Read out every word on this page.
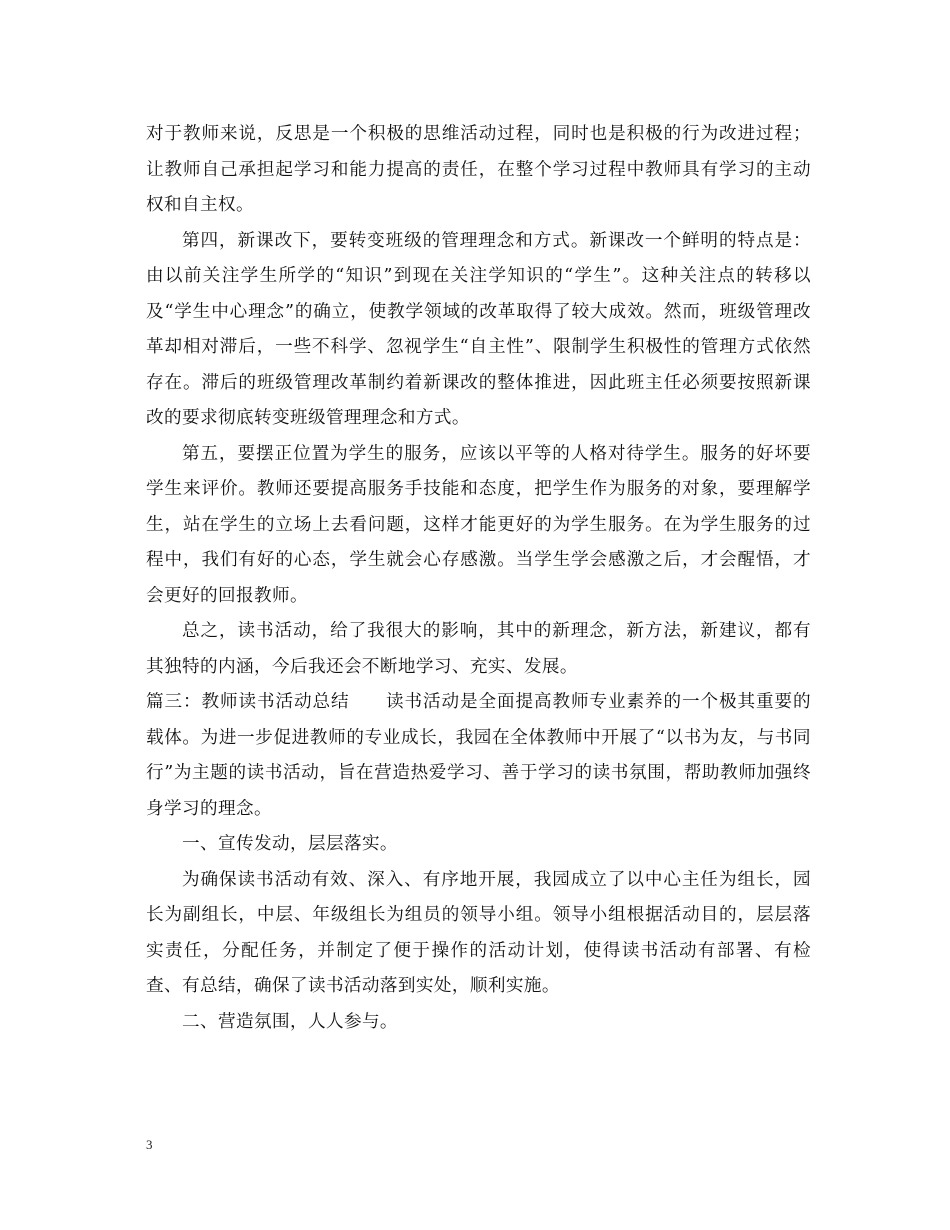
对于教师来说，反思是一个积极的思维活动过程，同时也是积极的行为改进过程；让教师自己承担起学习和能力提高的责任，在整个学习过程中教师具有学习的主动权和自主权。

第四，新课改下，要转变班级的管理理念和方式。新课改一个鲜明的特点是：由以前关注学生所学的“知识”到现在关注学知识的“学生”。这种关注点的转移以及“学生中心理念”的确立，使教学领域的改革取得了较大成效。然而，班级管理改革却相对滞后，一些不科学、忽视学生“自主性”、限制学生积极性的管理方式依然存在。滞后的班级管理改革制约着新课改的整体推进，因此班主任必须要按照新课改的要求彻底转变班级管理理念和方式。

第五，要摆正位置为学生的服务，应该以平等的人格对待学生。服务的好坏要学生来评价。教师还要提高服务手技能和态度，把学生作为服务的对象，要理解学生，站在学生的立场上去看问题，这样才能更好的为学生服务。在为学生服务的过程中，我们有好的心态，学生就会心存感激。当学生学会感激之后，才会醒悟，才会更好的回报教师。

总之，读书活动，给了我很大的影响，其中的新理念，新方法，新建议，都有其独特的内涵，今后我还会不断地学习、充实、发展。

篇三：教师读书活动总结 读书活动是全面提高教师专业素养的一个极其重要的载体。为进一步促进教师的专业成长，我园在全体教师中开展了“以书为友，与书同行”为主题的读书活动，旨在营造热爱学习、善于学习的读书氛围，帮助教师加强终身学习的理念。

一、宣传发动，层层落实。

为确保读书活动有效、深入、有序地开展，我园成立了以中心主任为组长，园长为副组长，中层、年级组长为组员的领导小组。领导小组根据活动目的，层层落实责任，分配任务，并制定了便于操作的活动计划，使得读书活动有部署、有检查、有总结，确保了读书活动落到实处，顺利实施。

二、营造氛围，人人参与。

3
